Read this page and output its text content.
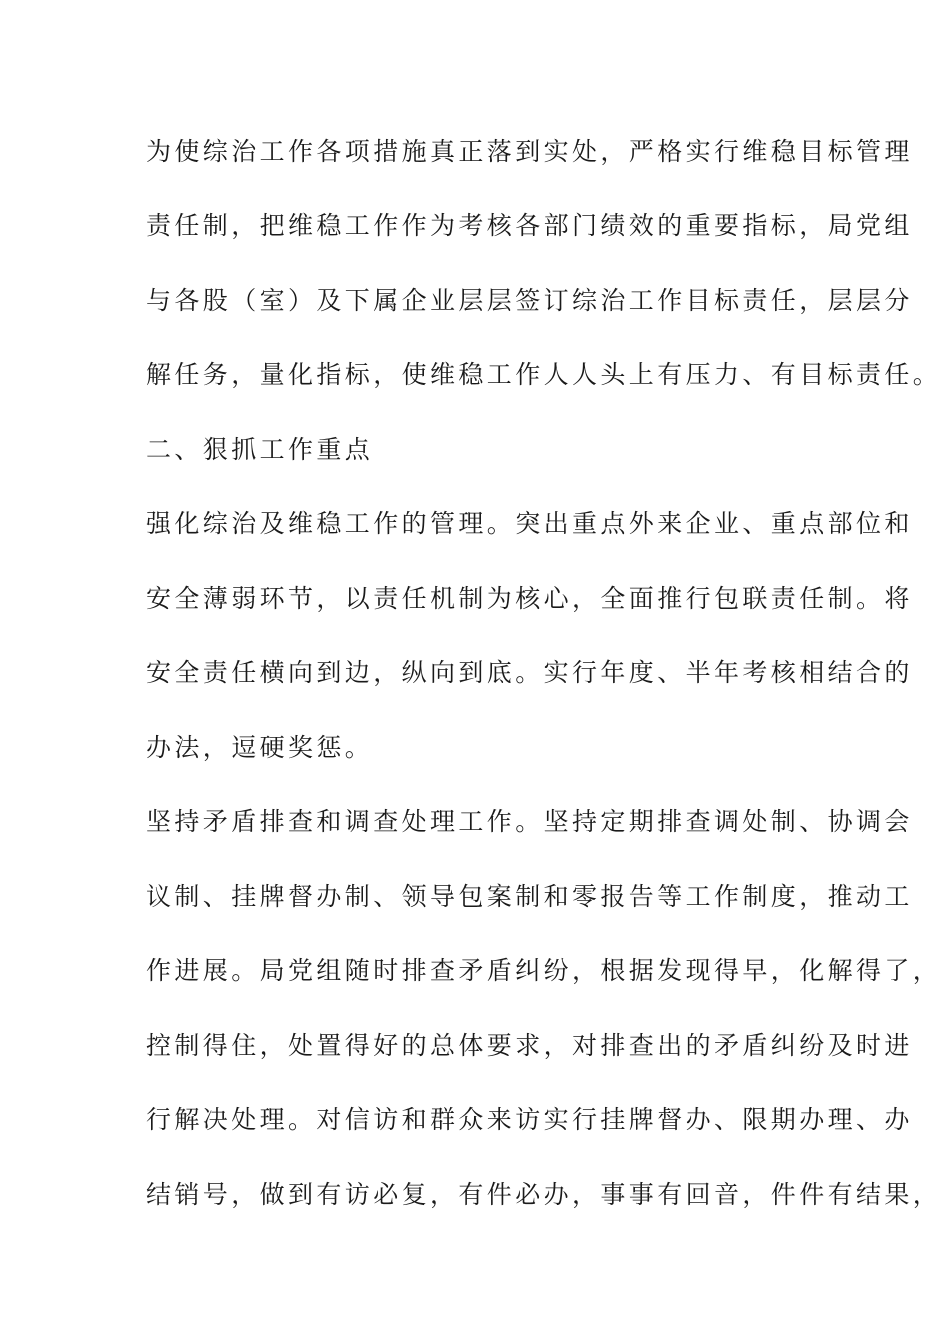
为使综治工作各项措施真正落到实处，严格实行维稳目标管理
责任制，把维稳工作作为考核各部门绩效的重要指标，局党组
与各股（室）及下属企业层层签订综治工作目标责任，层层分
解任务，量化指标，使维稳工作人人头上有压力、有目标责任。
二、狠抓工作重点
强化综治及维稳工作的管理。突出重点外来企业、重点部位和
安全薄弱环节，以责任机制为核心，全面推行包联责任制。将
安全责任横向到边，纵向到底。实行年度、半年考核相结合的
办法，逗硬奖惩。
坚持矛盾排查和调查处理工作。坚持定期排查调处制、协调会
议制、挂牌督办制、领导包案制和零报告等工作制度，推动工
作进展。局党组随时排查矛盾纠纷，根据发现得早，化解得了，
控制得住，处置得好的总体要求，对排查出的矛盾纠纷及时进
行解决处理。对信访和群众来访实行挂牌督办、限期办理、办
结销号，做到有访必复，有件必办，事事有回音，件件有结果，
